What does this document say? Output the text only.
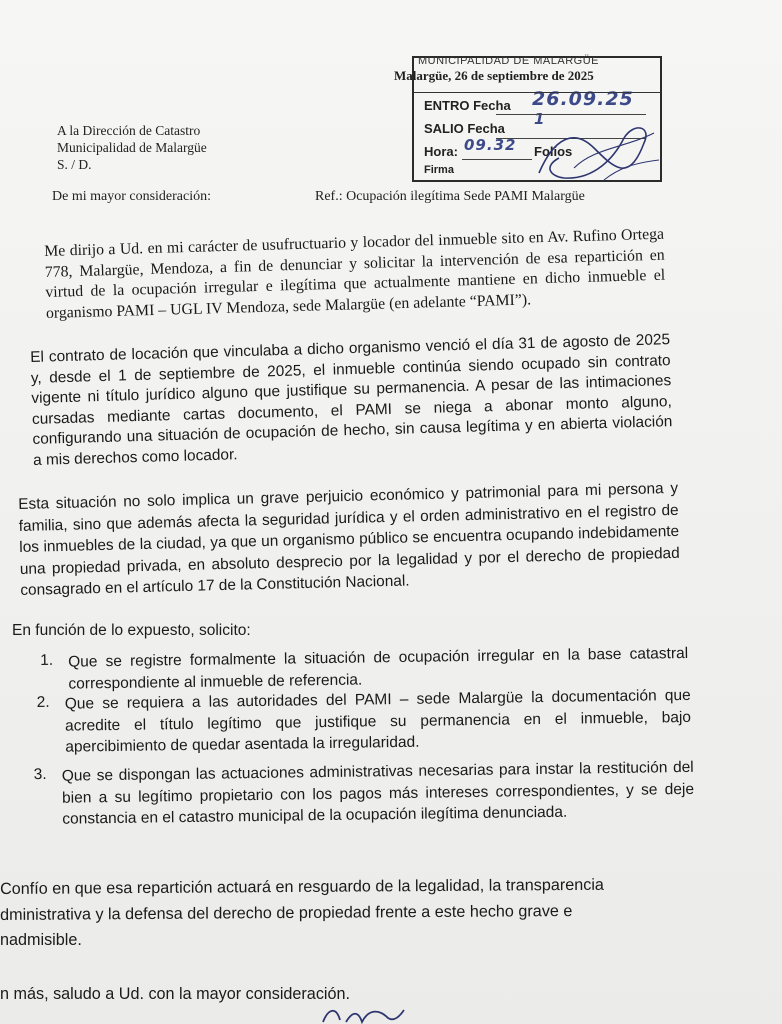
MUNICIPALIDAD DE MALARGÜE
Malargüe, 26 de septiembre de 2025
ENTRO Fecha 26.09.25
SALIO Fecha
1
Hora: 09.32 Folios
Firma
A la Dirección de Catastro
Municipalidad de Malargüe
S. / D.
De mi mayor consideración:	Ref.: Ocupación ilegítima Sede PAMI Malargüe
Me dirijo a Ud. en mi carácter de usufructuario y locador del inmueble sito en Av. Rufino Ortega 778, Malargüe, Mendoza, a fin de denunciar y solicitar la intervención de esa repartición en virtud de la ocupación irregular e ilegítima que actualmente mantiene en dicho inmueble el organismo PAMI – UGL IV Mendoza, sede Malargüe (en adelante “PAMI”).
El contrato de locación que vinculaba a dicho organismo venció el día 31 de agosto de 2025 y, desde el 1 de septiembre de 2025, el inmueble continúa siendo ocupado sin contrato vigente ni título jurídico alguno que justifique su permanencia. A pesar de las intimaciones cursadas mediante cartas documento, el PAMI se niega a abonar monto alguno, configurando una situación de ocupación de hecho, sin causa legítima y en abierta violación a mis derechos como locador.
Esta situación no solo implica un grave perjuicio económico y patrimonial para mi persona y familia, sino que además afecta la seguridad jurídica y el orden administrativo en el registro de los inmuebles de la ciudad, ya que un organismo público se encuentra ocupando indebidamente una propiedad privada, en absoluto desprecio por la legalidad y por el derecho de propiedad consagrado en el artículo 17 de la Constitución Nacional.
En función de lo expuesto, solicito:
1. Que se registre formalmente la situación de ocupación irregular en la base catastral correspondiente al inmueble de referencia.
2. Que se requiera a las autoridades del PAMI – sede Malargüe la documentación que acredite el título legítimo que justifique su permanencia en el inmueble, bajo apercibimiento de quedar asentada la irregularidad.
3. Que se dispongan las actuaciones administrativas necesarias para instar la restitución del bien a su legítimo propietario con los pagos más intereses correspondientes, y se deje constancia en el catastro municipal de la ocupación ilegítima denunciada.
Confío en que esa repartición actuará en resguardo de la legalidad, la transparencia
dministrativa y la defensa del derecho de propiedad frente a este hecho grave e
nadmisible.
n más, saludo a Ud. con la mayor consideración.
